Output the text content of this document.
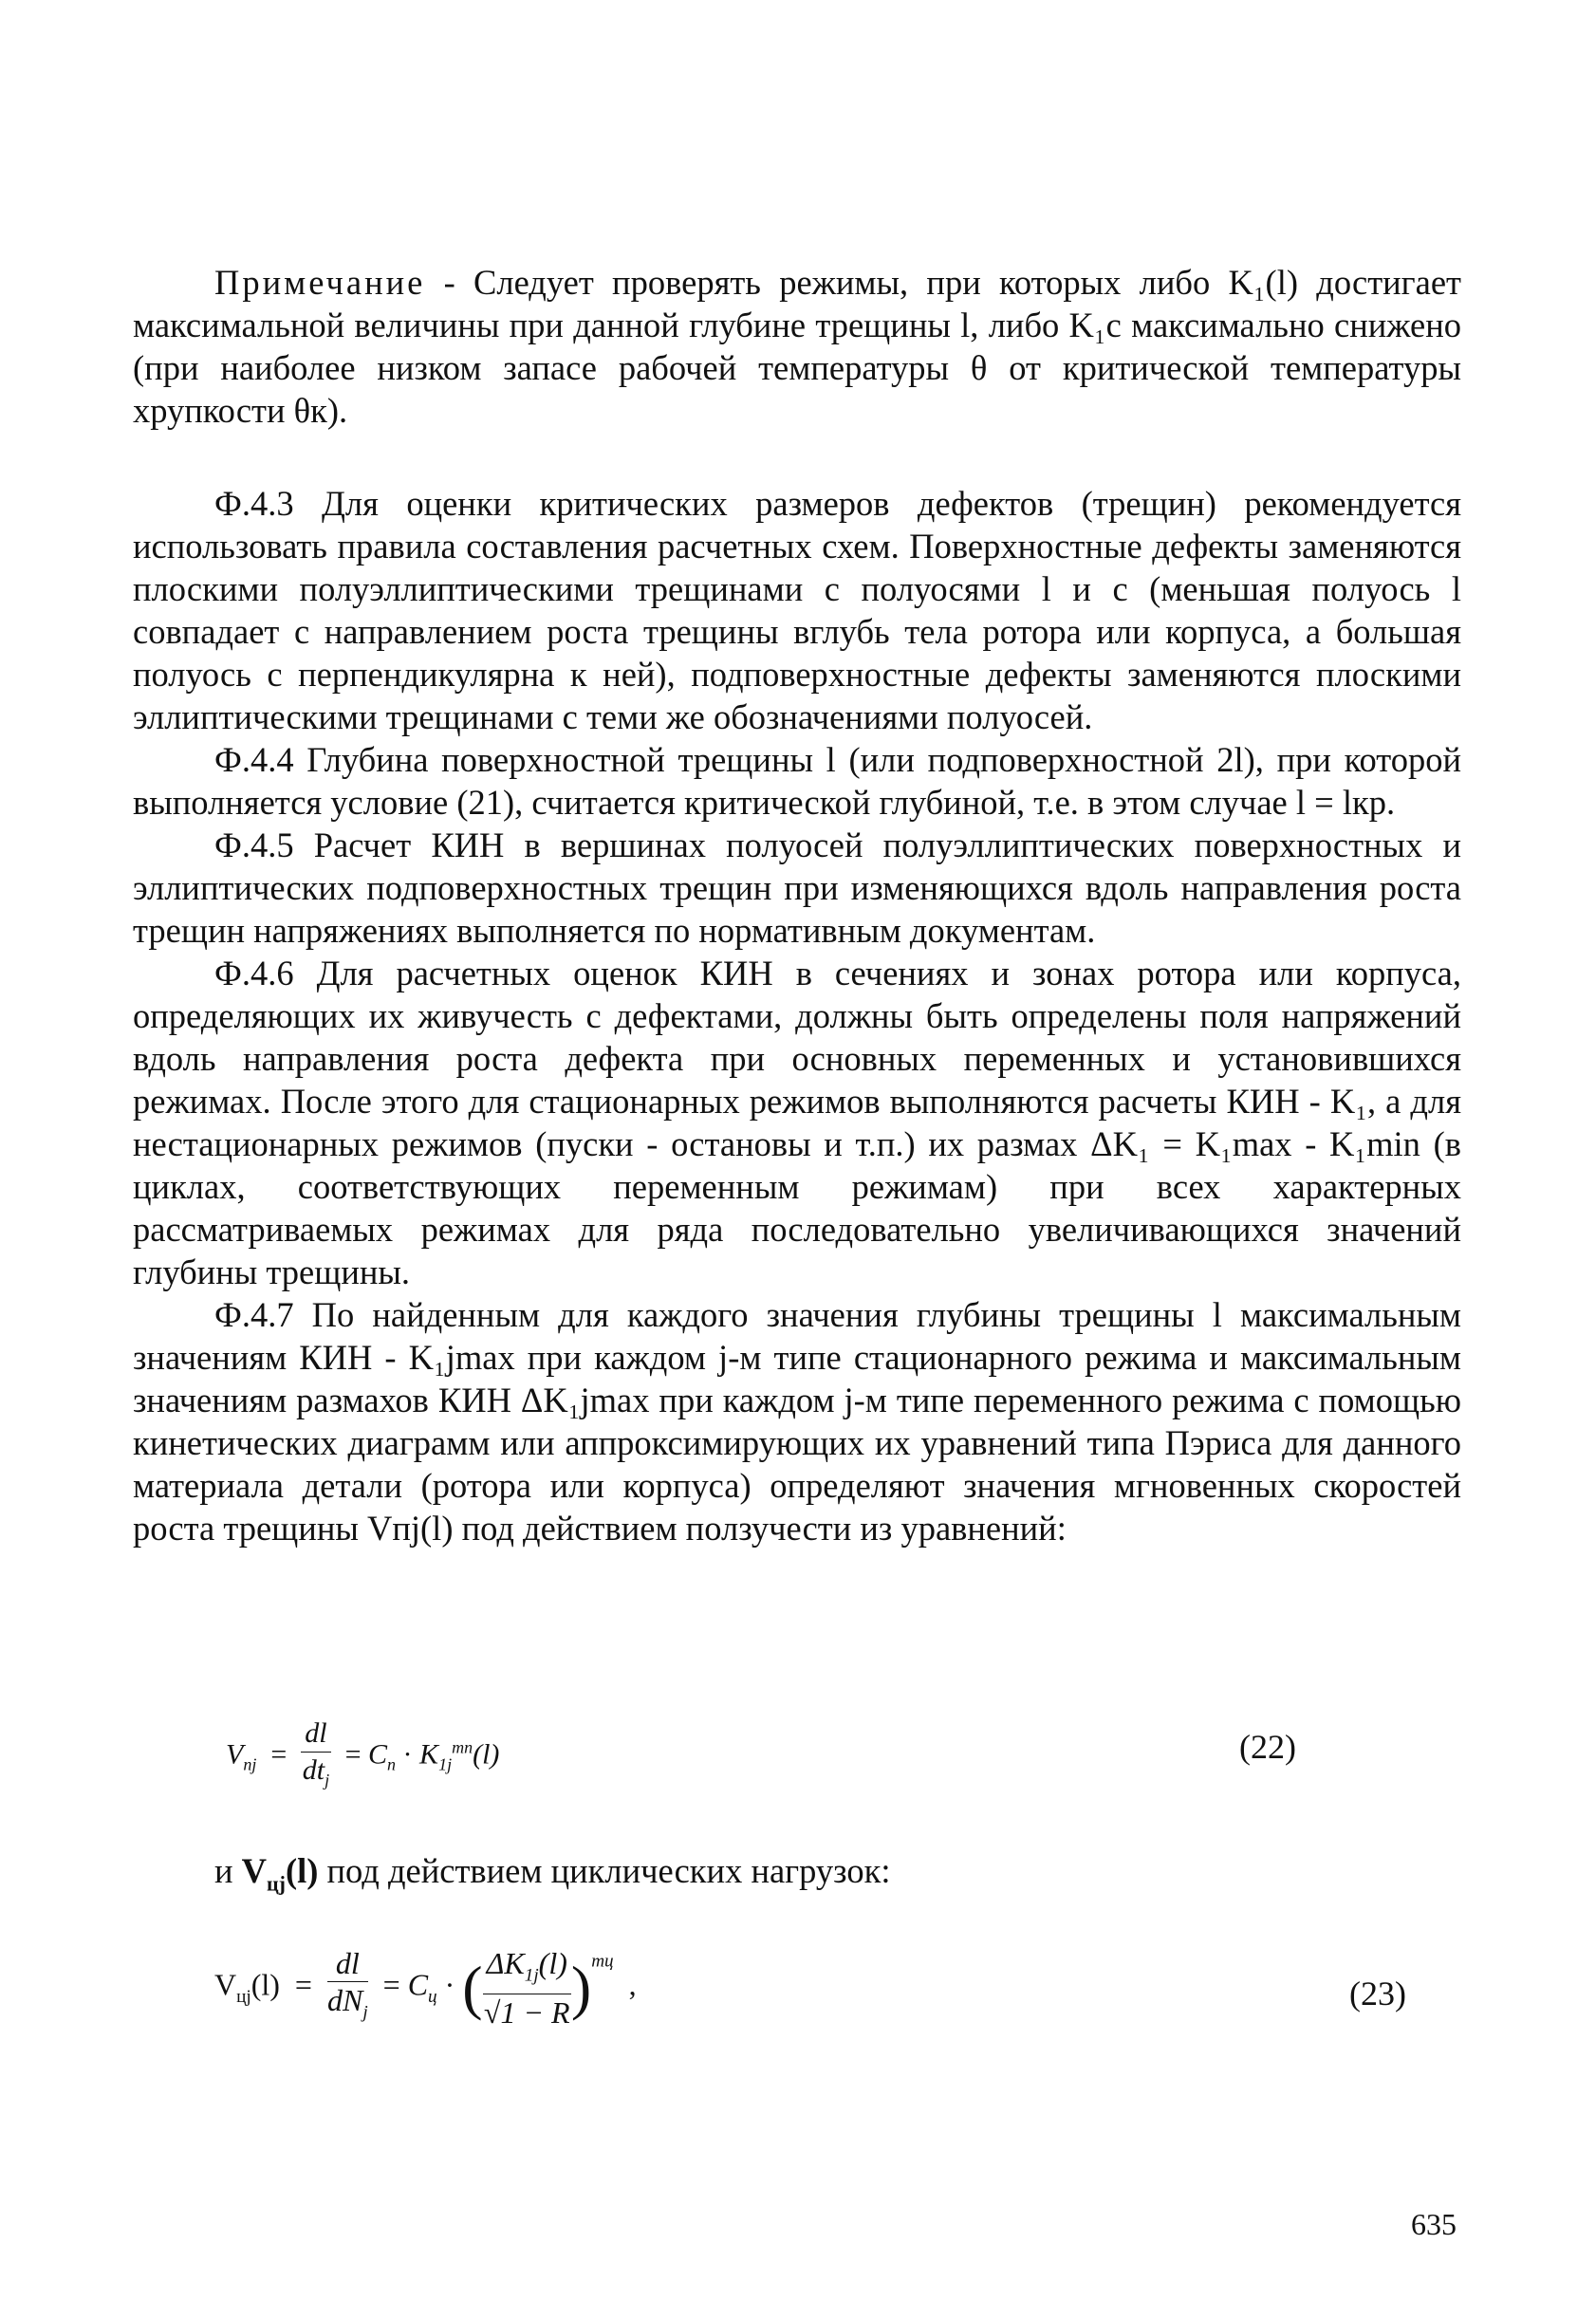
Примечание - Следует проверять режимы, при которых либо K₁(l) достигает максимальной величины при данной глубине трещины l, либо K₁c максимально снижено (при наиболее низком запасе рабочей температуры θ от критической температуры хрупкости θк).

Ф.4.3 Для оценки критических размеров дефектов (трещин) рекомендуется использовать правила составления расчетных схем. Поверхностные дефекты заменяются плоскими полуэллиптическими трещинами с полуосями l и c (меньшая полуось l совпадает с направлением роста трещины вглубь тела ротора или корпуса, а большая полуось c перпендикулярна к ней), подповерхностные дефекты заменяются плоскими эллиптическими трещинами с теми же обозначениями полуосей.

Ф.4.4 Глубина поверхностной трещины l (или подповерхностной 2l), при которой выполняется условие (21), считается критической глубиной, т.е. в этом случае l = lкр.

Ф.4.5 Расчет КИН в вершинах полуосей полуэллиптических поверхностных и эллиптических подповерхностных трещин при изменяющихся вдоль направления роста трещин напряжениях выполняется по нормативным документам.

Ф.4.6 Для расчетных оценок КИН в сечениях и зонах ротора или корпуса, определяющих их живучесть с дефектами, должны быть определены поля напряжений вдоль направления роста дефекта при основных переменных и установившихся режимах. После этого для стационарных режимов выполняются расчеты КИН - K₁, а для нестационарных режимов (пуски - остановы и т.п.) их размах ΔK₁ = K₁max - K₁min (в циклах, соответствующих переменным режимам) при всех характерных рассматриваемых режимах для ряда последовательно увеличивающихся значений глубины трещины.

Ф.4.7 По найденным для каждого значения глубины трещины l максимальным значениям КИН - K₁jmax при каждом j-м типе стационарного режима и максимальным значениям размахов КИН ΔK₁jmax при каждом j-м типе переменного режима с помощью кинетических диаграмм или аппроксимирующих их уравнений типа Пэриса для данного материала детали (ротора или корпуса) определяют значения мгновенных скоростей роста трещины Vпj(l) под действием ползучести из уравнений:

$V_{пj} = \frac{dl}{dt_j} = C_п \cdot K_{1j}^{mп}(l)$	(22)
и $V_{цj}(l)$ под действием циклических нагрузок:
$V_{цj}(l) = \frac{dl}{dN_j} = C_ц$ · ( $\frac{\Delta K_{1j}(l)}{√1 - R} )^{mц}$  ,	(23)
635
